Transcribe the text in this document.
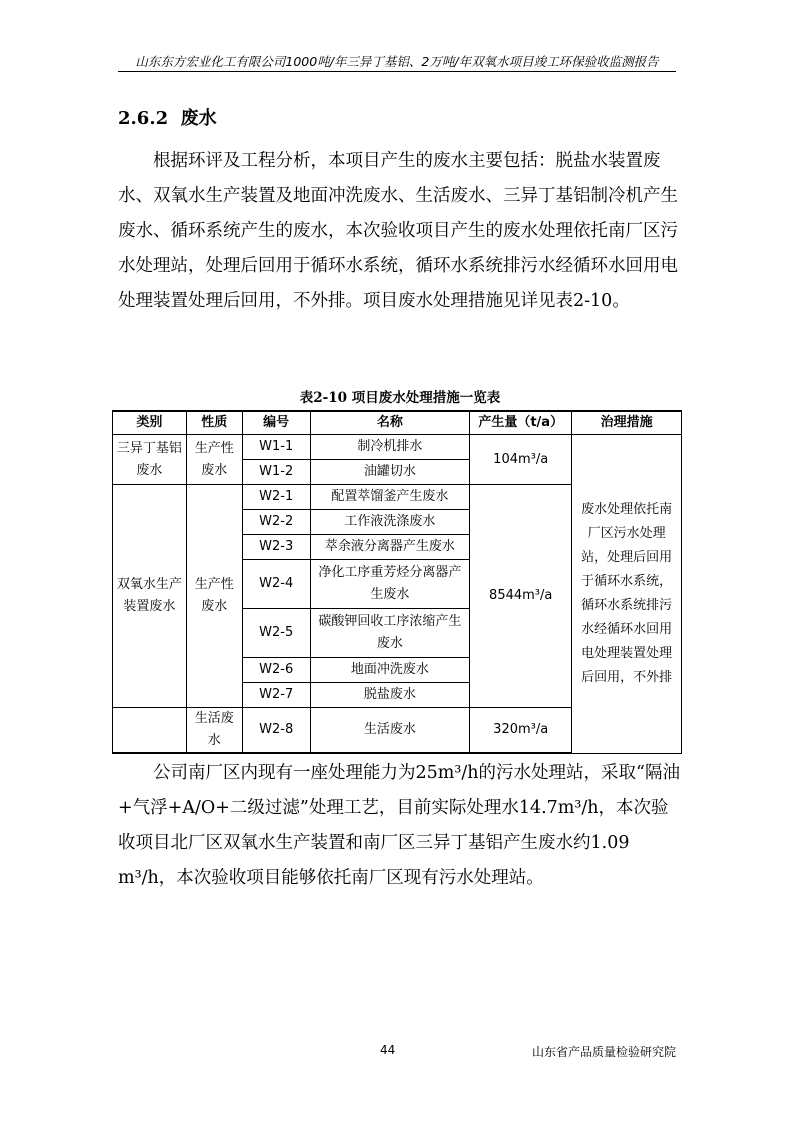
山东东方宏业化工有限公司1000吨/年三异丁基铝、2万吨/年双氧水项目竣工环保验收监测报告
2.6.2 废水

根据环评及工程分析，本项目产生的废水主要包括：脱盐水装置废水、双氧水生产装置及地面冲洗废水、生活废水、三异丁基铝制冷机产生废水、循环系统产生的废水，本次验收项目产生的废水处理依托南厂区污水处理站，处理后回用于循环水系统，循环水系统排污水经循环水回用电处理装置处理后回用，不外排。项目废水处理措施见详见表2-10。

表2-10 项目废水处理措施一览表
类别	性质	编号	名称	产生量（t/a）	治理措施
三异丁基铝废水	生产性废水	W1-1	制冷机排水	104m³/a	废水处理依托南厂区污水处理站，处理后回用于循环水系统，循环水系统排污水经循环水回用电处理装置处理后回用，不外排
		W1-2	油罐切水		
双氧水生产装置废水	生产性废水	W2-1	配置萃馏釜产生废水	8544m³/a	
		W2-2	工作液洗涤废水		
		W2-3	萃余液分离器产生废水		
		W2-4	净化工序重芳烃分离器产生废水		
		W2-5	碳酸钾回收工序浓缩产生废水		
		W2-6	地面冲洗废水		
		W2-7	脱盐废水		
	生活废水	W2-8	生活废水	320m³/a	

公司南厂区内现有一座处理能力为25m³/h的污水处理站，采取“隔油+气浮+A/O+二级过滤”处理工艺，目前实际处理水14.7m³/h，本次验收项目北厂区双氧水生产装置和南厂区三异丁基铝产生废水约1.09 m³/h，本次验收项目能够依托南厂区现有污水处理站。

44	山东省产品质量检验研究院
